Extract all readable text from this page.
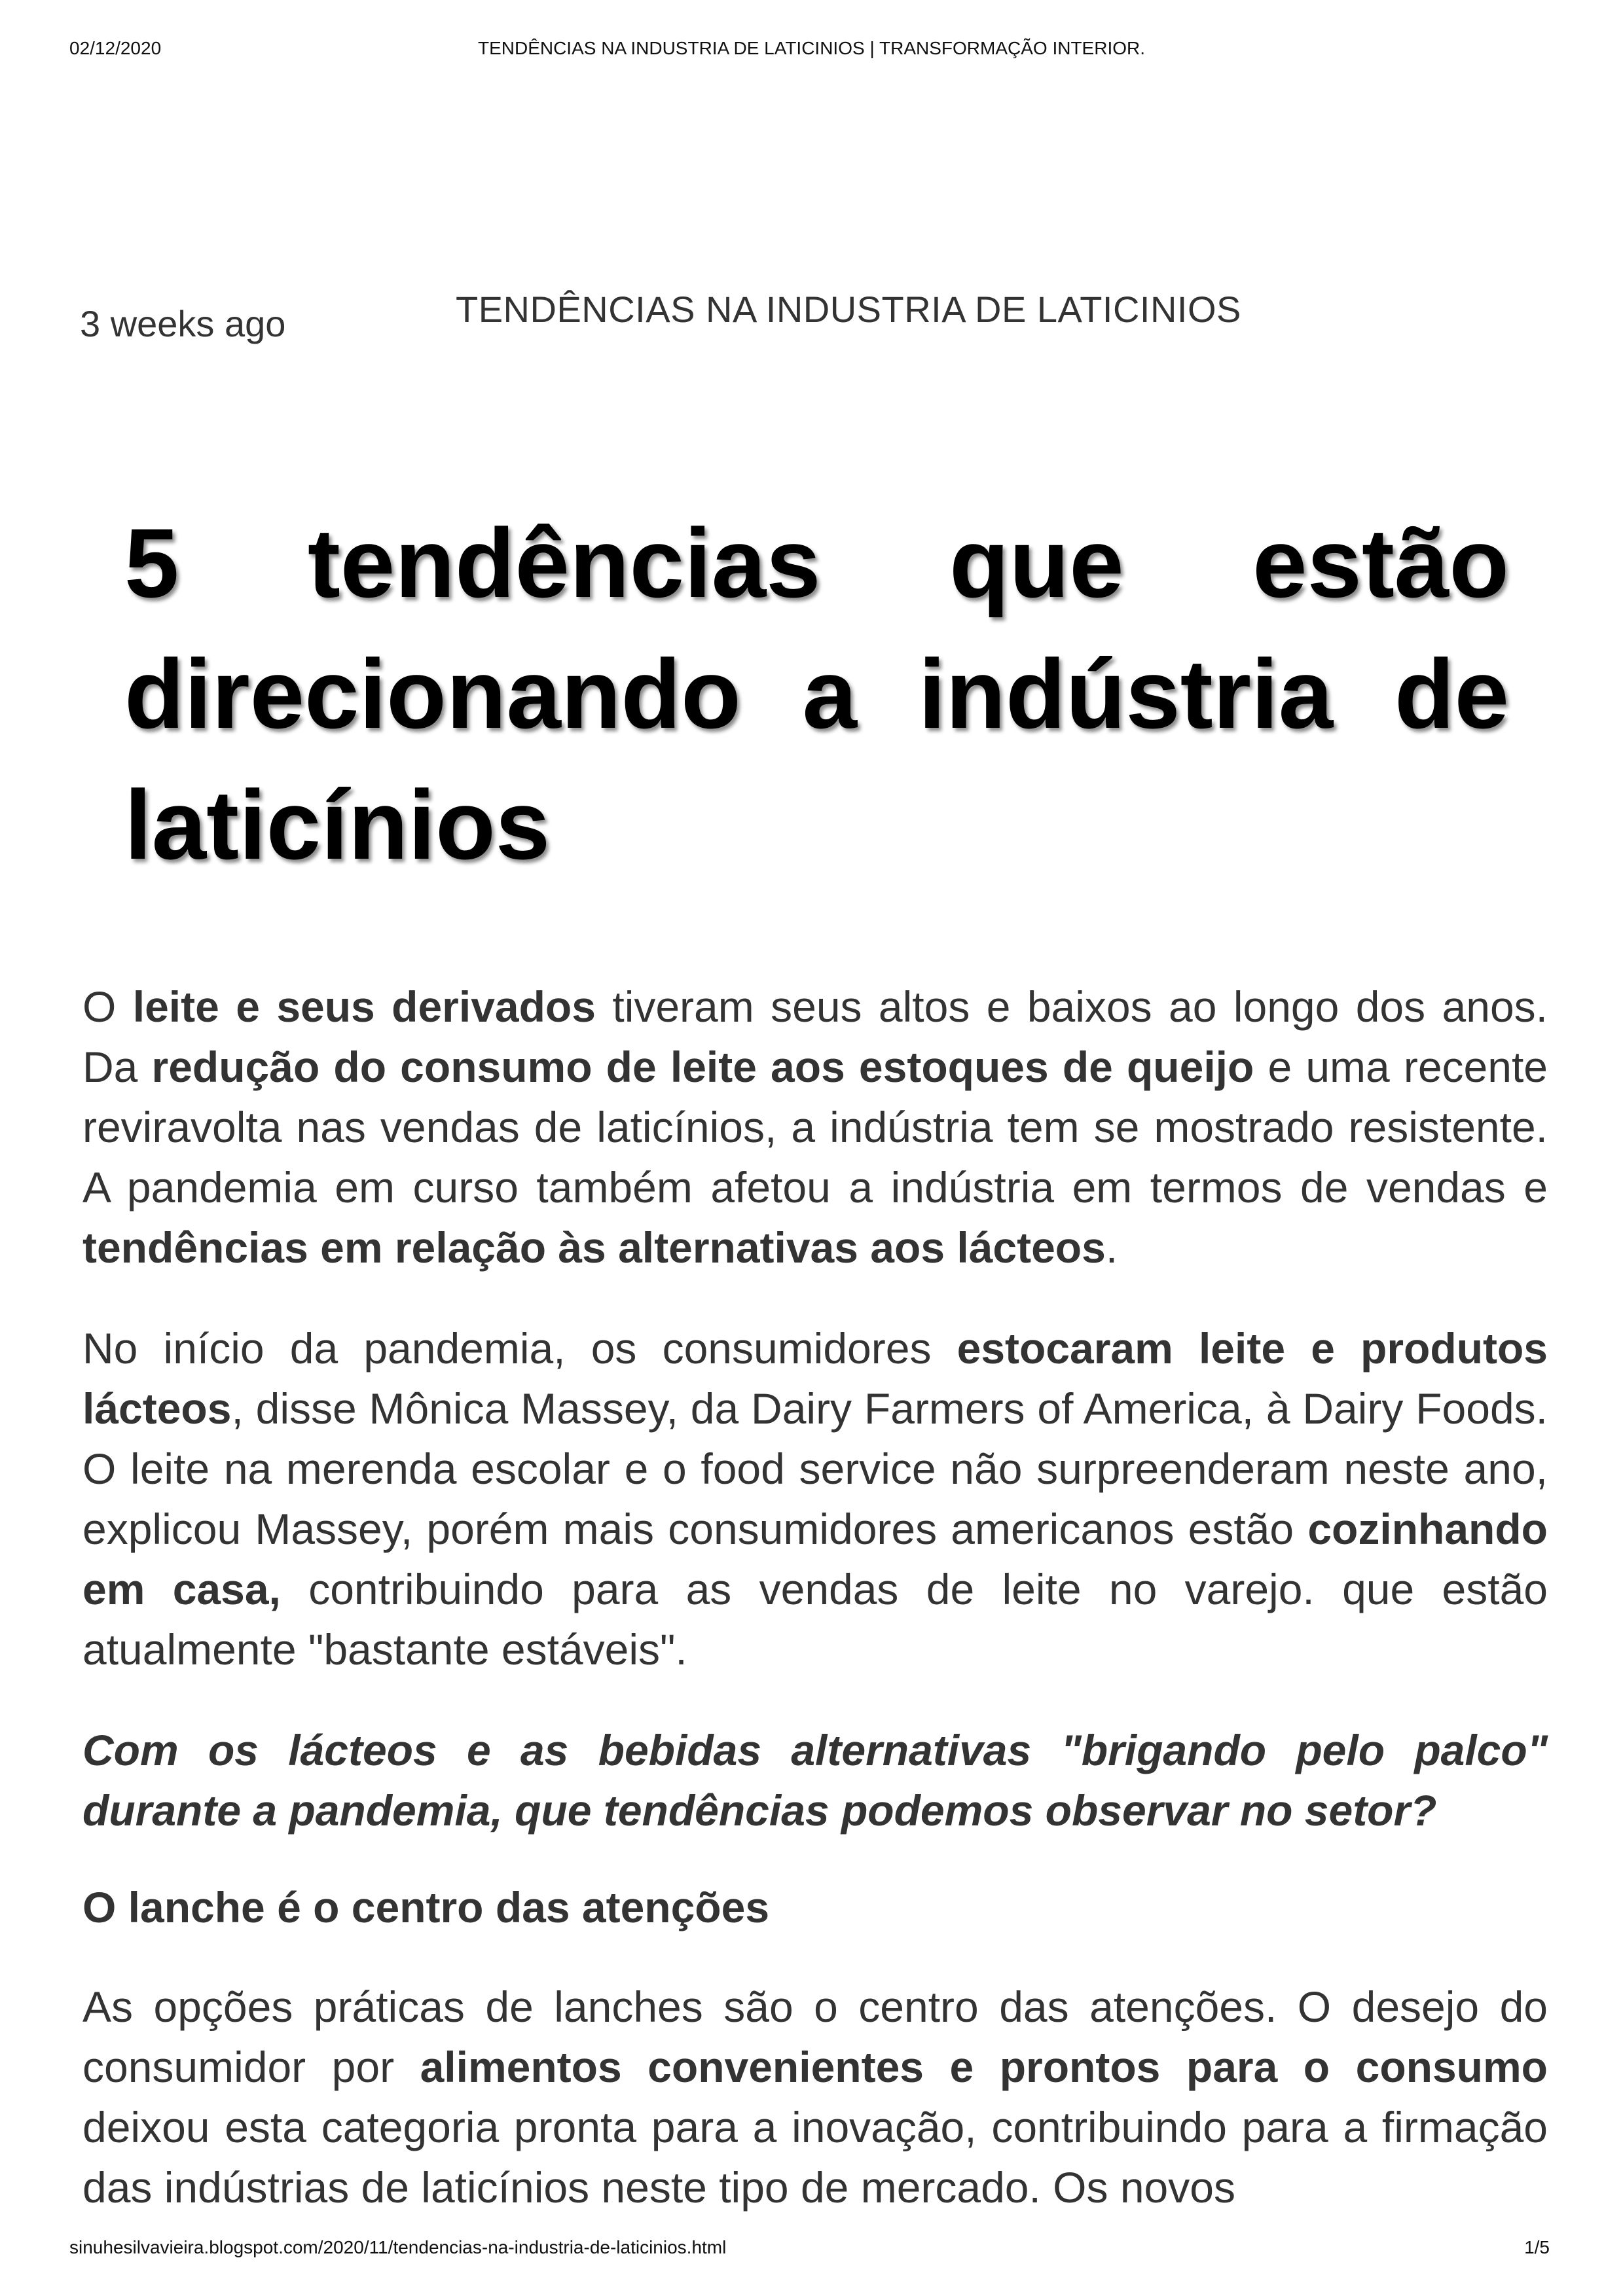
02/12/2020	TENDÊNCIAS NA INDUSTRIA DE LATICINIOS | TRANSFORMAÇÃO INTERIOR.
3 weeks ago	TENDÊNCIAS NA INDUSTRIA DE LATICINIOS
5 tendências que estão direcionando a indústria de laticínios

O leite e seus derivados tiveram seus altos e baixos ao longo dos anos. Da redução do consumo de leite aos estoques de queijo e uma recente reviravolta nas vendas de laticínios, a indústria tem se mostrado resistente. A pandemia em curso também afetou a indústria em termos de vendas e tendências em relação às alternativas aos lácteos.

No início da pandemia, os consumidores estocaram leite e produtos lácteos, disse Mônica Massey, da Dairy Farmers of America, à Dairy Foods. O leite na merenda escolar e o food service não surpreenderam neste ano, explicou Massey, porém mais consumidores americanos estão cozinhando em casa, contribuindo para as vendas de leite no varejo. que estão atualmente "bastante estáveis".

Com os lácteos e as bebidas alternativas "brigando pelo palco" durante a pandemia, que tendências podemos observar no setor?

O lanche é o centro das atenções

As opções práticas de lanches são o centro das atenções. O desejo do consumidor por alimentos convenientes e prontos para o consumo deixou esta categoria pronta para a inovação, contribuindo para a firmação das indústrias de laticínios neste tipo de mercado. Os novos

sinuhesilvavieira.blogspot.com/2020/11/tendencias-na-industria-de-laticinios.html	1/5
